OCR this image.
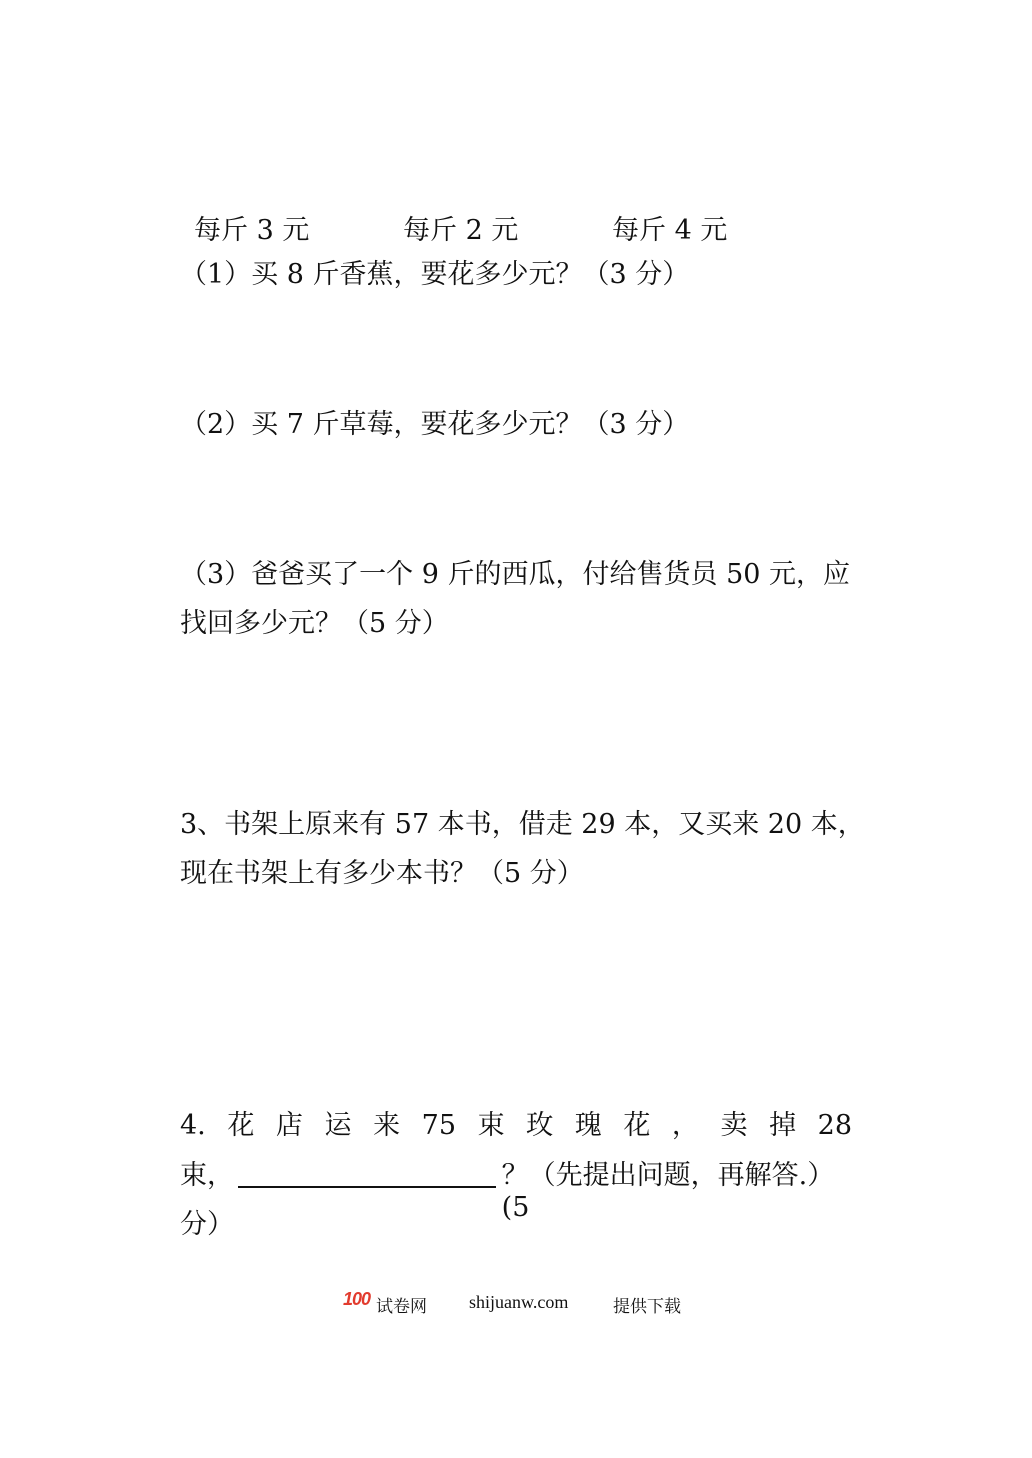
每斤 3 元	每斤 2 元	每斤 4 元
（1）买 8 斤香蕉，要花多少元？（3 分）
（2）买 7 斤草莓，要花多少元？（3 分）
（3）爸爸买了一个 9 斤的西瓜，付给售货员 50 元，应
找回多少元？（5 分）
3、书架上原来有 57 本书，借走 29 本，又买来 20 本，
现在书架上有多少本书？（5 分）
4. 花 店 运 来 75 束 玫 瑰 花 ， 卖 掉 28
束，	？（先提出问题，再解答.）(5
分）
100 试卷网 shijuanw.com	提供下载
